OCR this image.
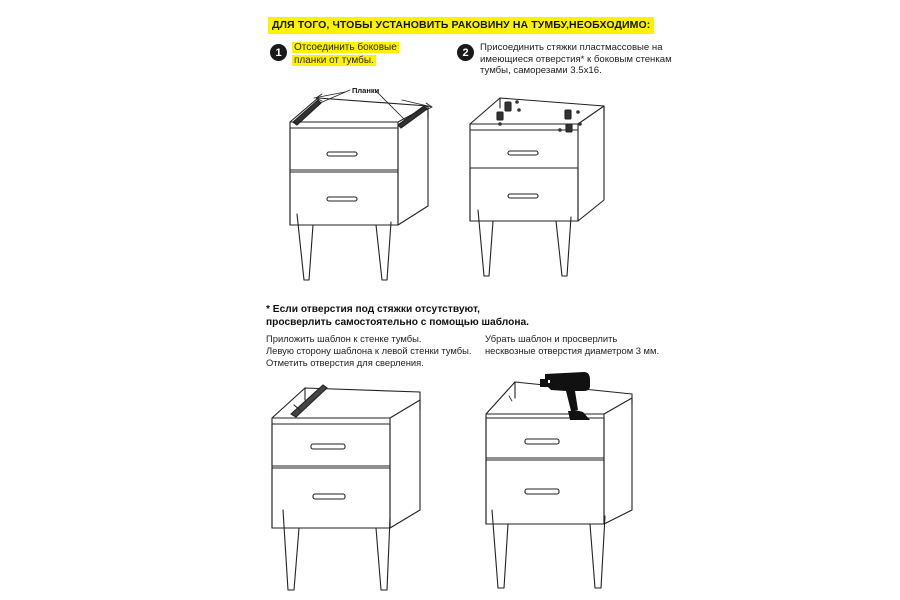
ДЛЯ ТОГО, ЧТОБЫ УСТАНОВИТЬ РАКОВИНУ НА ТУМБУ,НЕОБХОДИМО:
1 Отсоединить боковые
планки от тумбы.
2 Присоединить стяжки пластмассовые на
имеющиеся отверстия* к боковым стенкам
тумбы, саморезами 3.5х16.
Планки
* Если отверстия под стяжки отсутствуют,
просверлить самостоятельно с помощью шаблона.
Приложить шаблон к стенке тумбы.
Левую сторону шаблона к левой стенки тумбы.
Отметить отверстия для сверления.
Убрать шаблон и просверлить
несквозные отверстия диаметром 3 мм.
